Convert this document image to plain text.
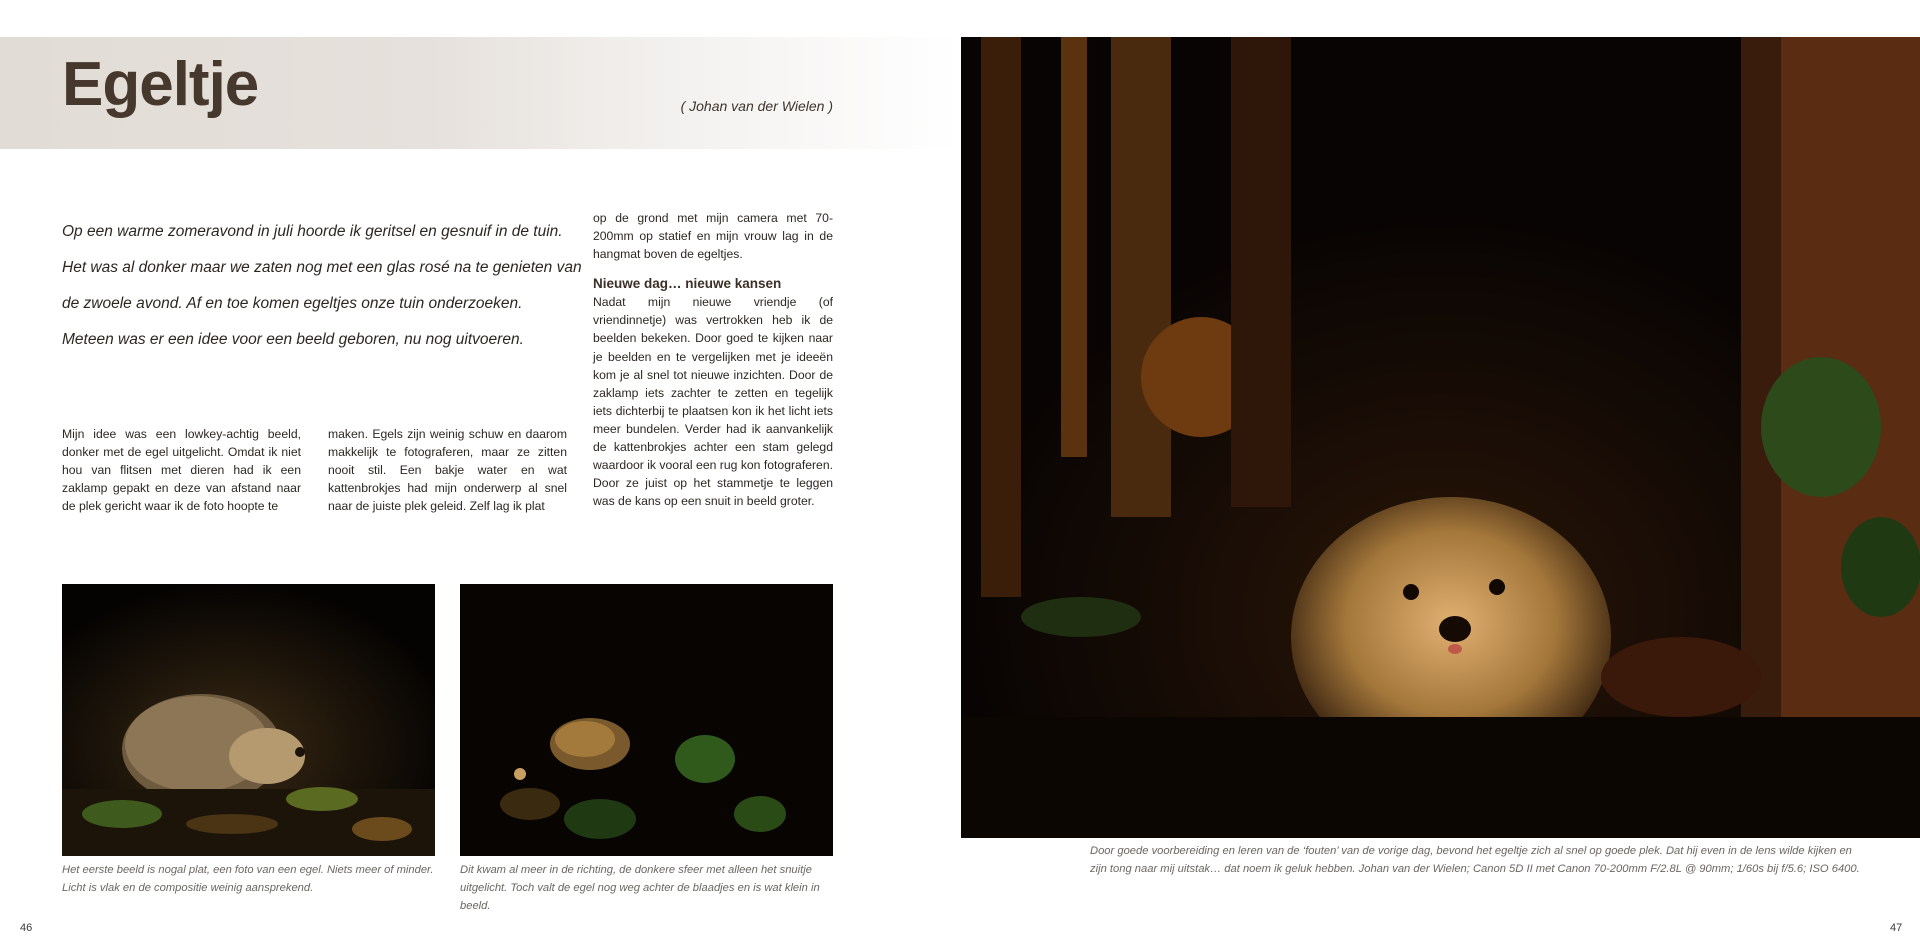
Egeltje	( Johan van der Wielen )
Op een warme zomeravond in juli hoorde ik geritsel en gesnuif in de tuin.
Het was al donker maar we zaten nog met een glas rosé na te genieten van
de zwoele avond. Af en toe komen egeltjes onze tuin onderzoeken.
Meteen was er een idee voor een beeld geboren, nu nog uitvoeren.

Mijn idee was een lowkey-achtig beeld, donker met de egel uitgelicht. Omdat ik niet hou van flitsen met dieren had ik een zaklamp gepakt en deze van afstand naar de plek gericht waar ik de foto hoopte te

maken. Egels zijn weinig schuw en daarom makkelijk te fotograferen, maar ze zitten nooit stil. Een bakje water en wat kattenbrokjes had mijn onderwerp al snel naar de juiste plek geleid. Zelf lag ik plat

op de grond met mijn camera met 70-200mm op statief en mijn vrouw lag in de hangmat boven de egeltjes.

Nieuwe dag… nieuwe kansen

Nadat mijn nieuwe vriendje (of vriendinnetje) was vertrokken heb ik de beelden bekeken. Door goed te kijken naar je beelden en te vergelijken met je ideeën kom je al snel tot nieuwe inzichten. Door de zaklamp iets zachter te zetten en tegelijk iets dichterbij te plaatsen kon ik het licht iets meer bundelen. Verder had ik aanvankelijk de kattenbrokjes achter een stam gelegd waardoor ik vooral een rug kon fotograferen. Door ze juist op het stammetje te leggen was de kans op een snuit in beeld groter.

Het eerste beeld is nogal plat, een foto van een egel. Niets meer of minder. Licht is vlak en de compositie weinig aansprekend.
Dit kwam al meer in de richting, de donkere sfeer met alleen het snuitje uitgelicht. Toch valt de egel nog weg achter de blaadjes en is wat klein in beeld.
Door goede voorbereiding en leren van de ‘fouten’ van de vorige dag, bevond het egeltje zich al snel op goede plek. Dat hij even in de lens wilde kijken en zijn tong naar mij uitstak… dat noem ik geluk hebben. Johan van der Wielen; Canon 5D II met Canon 70-200mm F/2.8L @ 90mm; 1/60s bij f/5.6; ISO 6400.
46	47
